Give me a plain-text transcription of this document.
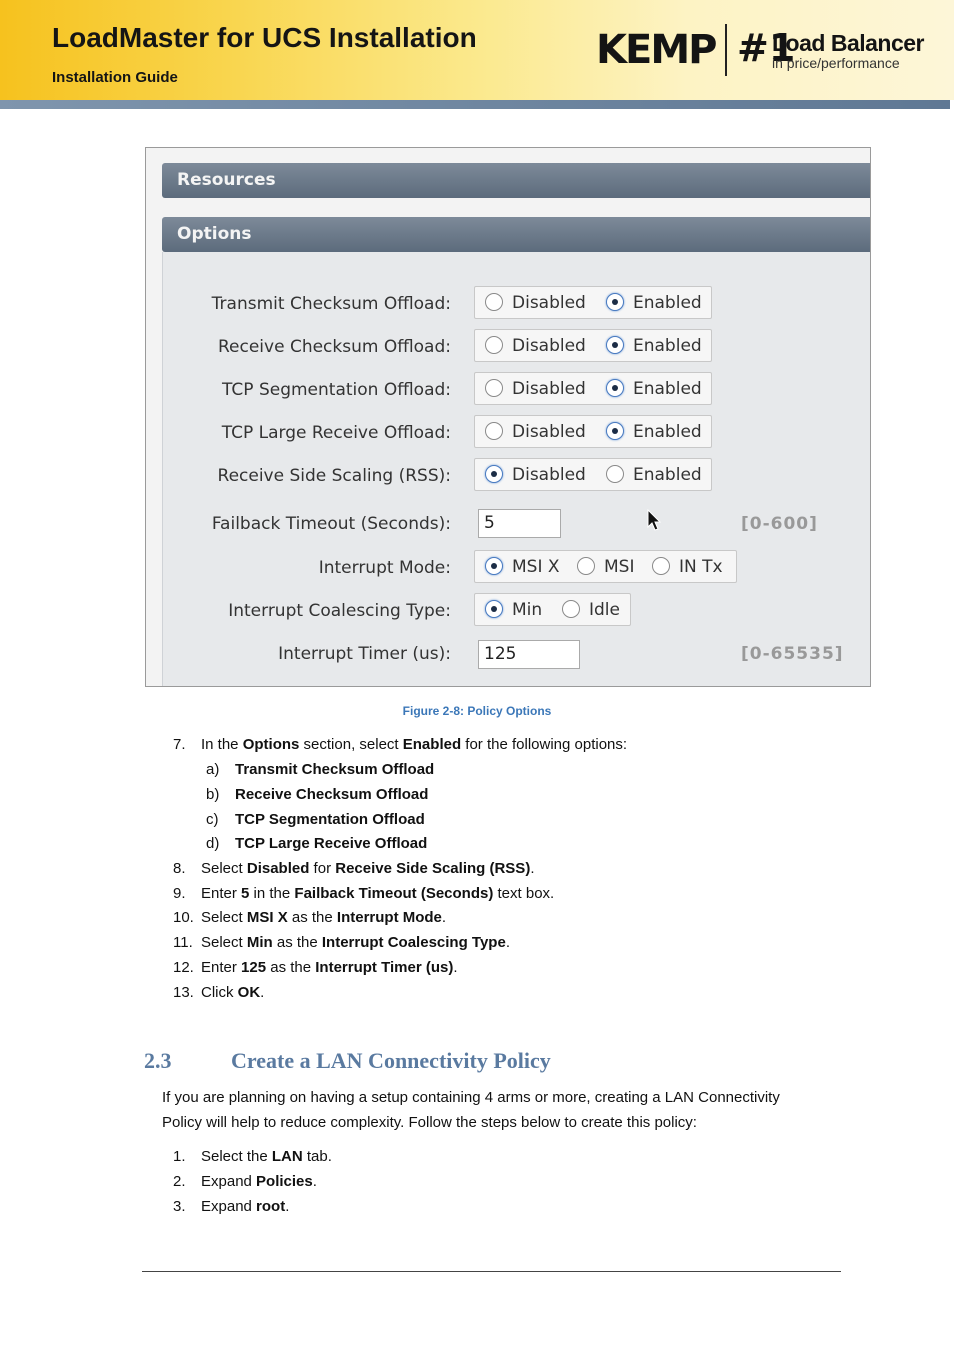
LoadMaster for UCS Installation
Installation Guide
KEMP #1
Load Balancer
in price/performance
Resources
Options
Transmit Checksum Offload:	Disabled	Enabled
Receive Checksum Offload:	Disabled	Enabled
TCP Segmentation Offload:	Disabled	Enabled
TCP Large Receive Offload:	Disabled	Enabled
Receive Side Scaling (RSS):	Disabled	Enabled
Failback Timeout (Seconds):	5	[0-600]
Interrupt Mode:	MSI X	MSI	IN Tx
Interrupt Coalescing Type:	Min	Idle
Interrupt Timer (us):	125	[0-65535]
Figure 2-8: Policy Options
7. In the Options section, select Enabled for the following options:
a) Transmit Checksum Offload
b) Receive Checksum Offload
c) TCP Segmentation Offload
d) TCP Large Receive Offload
8. Select Disabled for Receive Side Scaling (RSS).
9. Enter 5 in the Failback Timeout (Seconds) text box.
10. Select MSI X as the Interrupt Mode.
11. Select Min as the Interrupt Coalescing Type.
12. Enter 125 as the Interrupt Timer (us).
13. Click OK.
2.3	Create a LAN Connectivity Policy
If you are planning on having a setup containing 4 arms or more, creating a LAN Connectivity
Policy will help to reduce complexity. Follow the steps below to create this policy:
1. Select the LAN tab.
2. Expand Policies.
3. Expand root.
